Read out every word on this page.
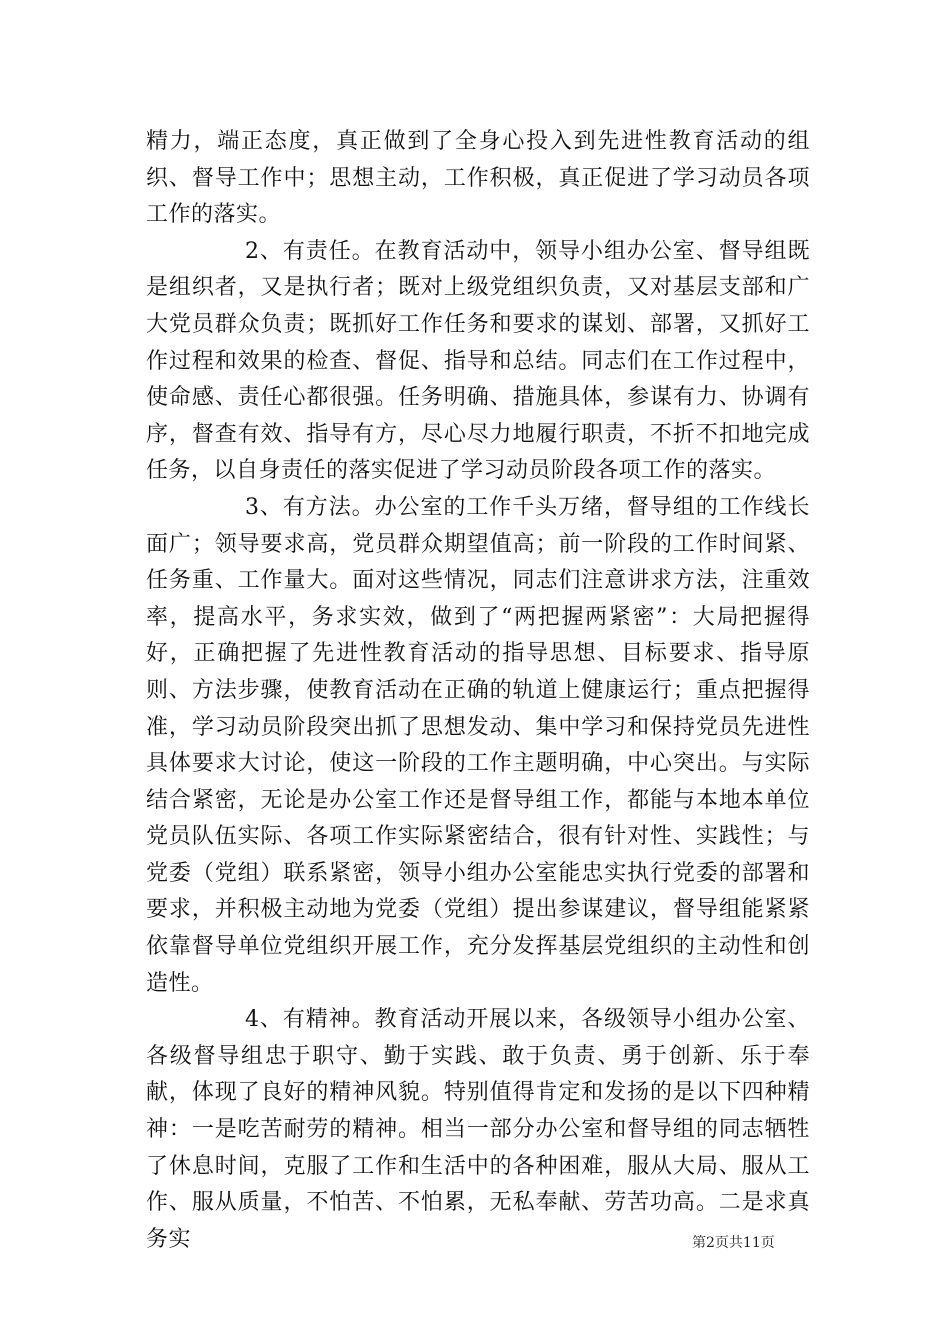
精力，端正态度，真正做到了全身心投入到先进性教育活动的组织、督导工作中；思想主动，工作积极，真正促进了学习动员各项工作的落实。

2、有责任。在教育活动中，领导小组办公室、督导组既是组织者，又是执行者；既对上级党组织负责，又对基层支部和广大党员群众负责；既抓好工作任务和要求的谋划、部署，又抓好工作过程和效果的检查、督促、指导和总结。同志们在工作过程中，使命感、责任心都很强。任务明确、措施具体，参谋有力、协调有序，督查有效、指导有方，尽心尽力地履行职责，不折不扣地完成任务，以自身责任的落实促进了学习动员阶段各项工作的落实。

3、有方法。办公室的工作千头万绪，督导组的工作线长面广；领导要求高，党员群众期望值高；前一阶段的工作时间紧、任务重、工作量大。面对这些情况，同志们注意讲求方法，注重效率，提高水平，务求实效，做到了“两把握两紧密”：大局把握得好，正确把握了先进性教育活动的指导思想、目标要求、指导原则、方法步骤，使教育活动在正确的轨道上健康运行；重点把握得准，学习动员阶段突出抓了思想发动、集中学习和保持党员先进性具体要求大讨论，使这一阶段的工作主题明确，中心突出。与实际结合紧密，无论是办公室工作还是督导组工作，都能与本地本单位党员队伍实际、各项工作实际紧密结合，很有针对性、实践性；与党委（党组）联系紧密，领导小组办公室能忠实执行党委的部署和要求，并积极主动地为党委（党组）提出参谋建议，督导组能紧紧依靠督导单位党组织开展工作，充分发挥基层党组织的主动性和创造性。

4、有精神。教育活动开展以来，各级领导小组办公室、各级督导组忠于职守、勤于实践、敢于负责、勇于创新、乐于奉献，体现了良好的精神风貌。特别值得肯定和发扬的是以下四种精神：一是吃苦耐劳的精神。相当一部分办公室和督导组的同志牺牲了休息时间，克服了工作和生活中的各种困难，服从大局、服从工作、服从质量，不怕苦、不怕累，无私奉献、劳苦功高。二是求真务实	第2页共11页
